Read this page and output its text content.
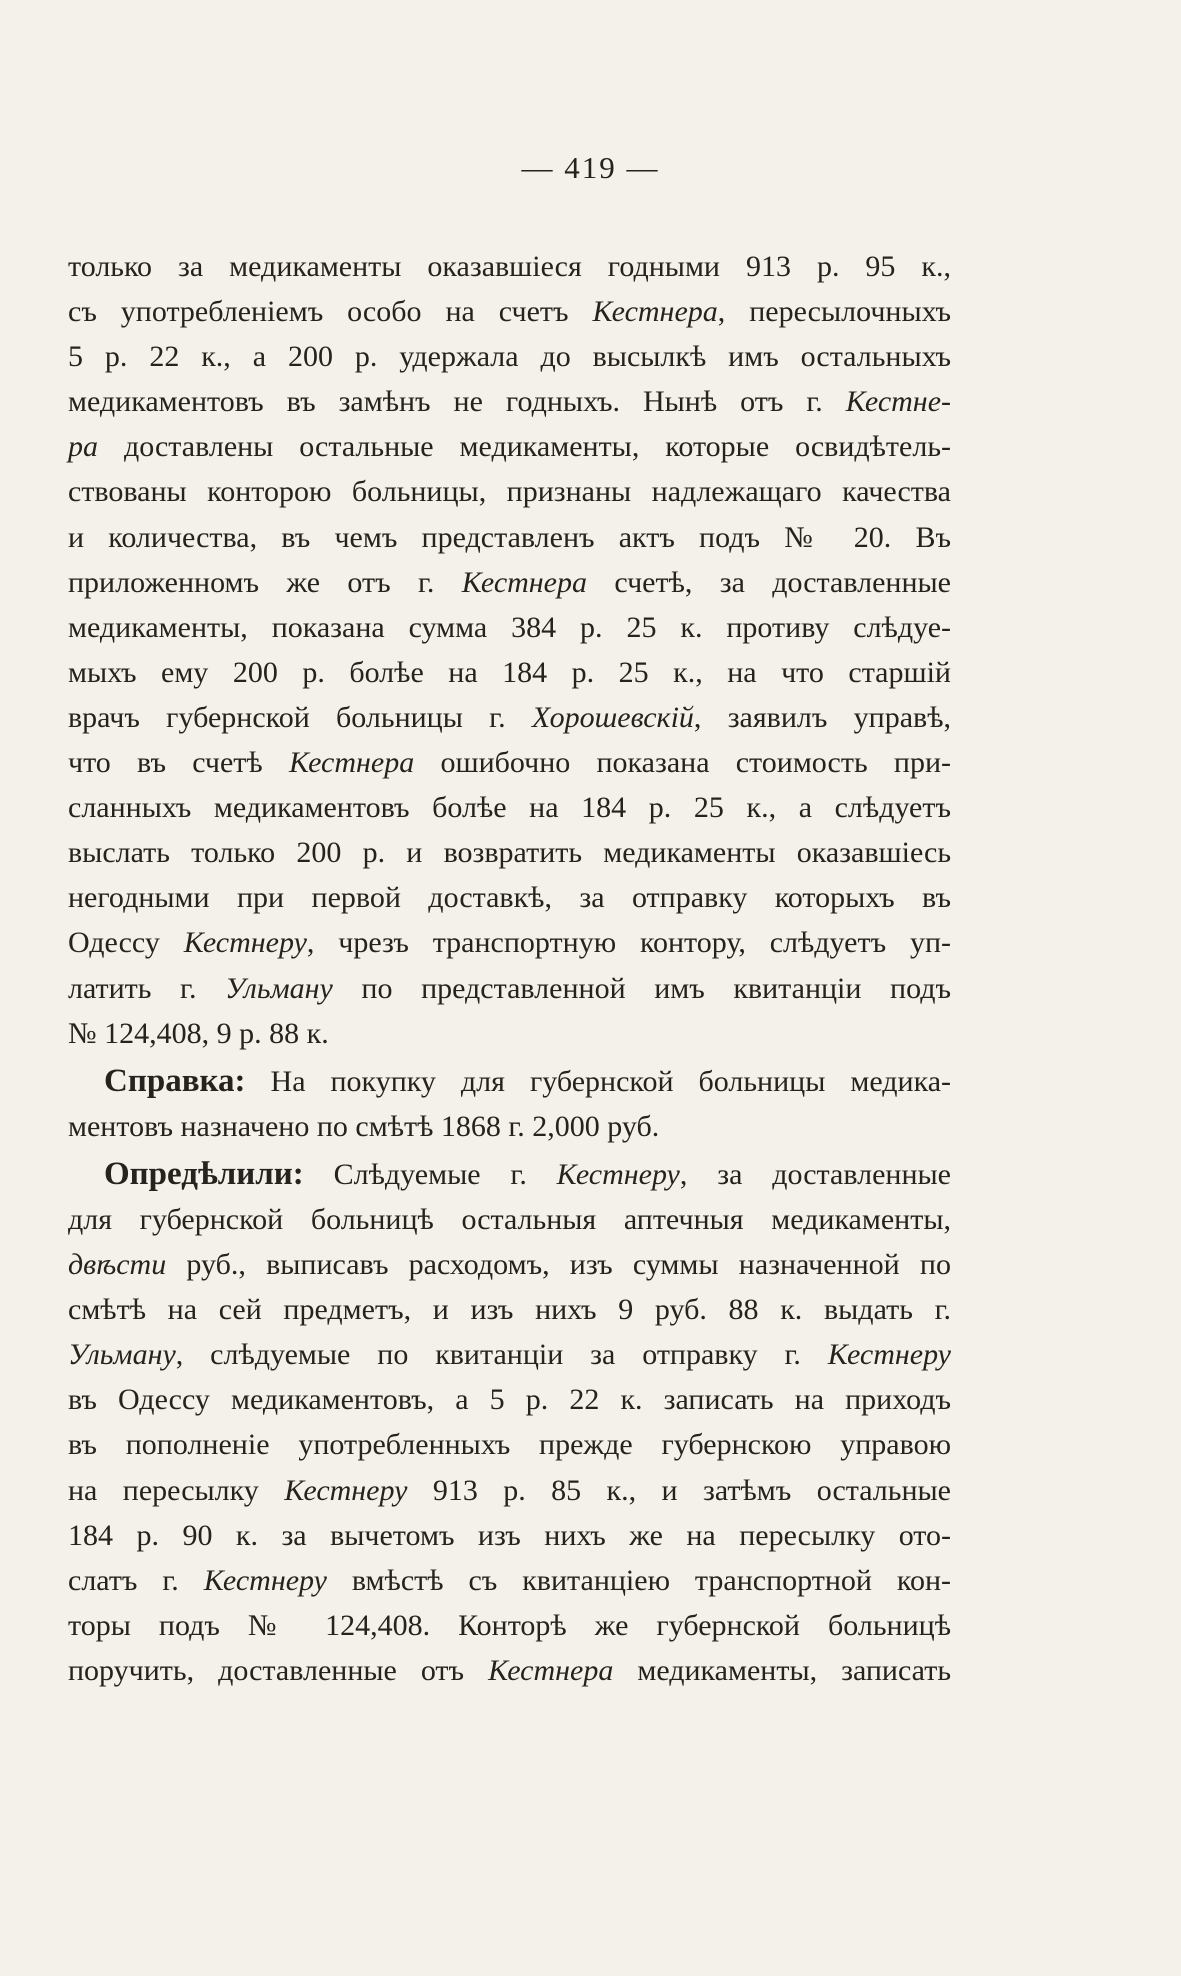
— 419 —
только за медикаменты оказавшіеся годными 913 р. 95 к.,
съ употребленіемъ особо на счетъ Кестнера, пересылочныхъ
5 р. 22 к., а 200 р. удержала до высылкѣ имъ остальныхъ
медикаментовъ въ замѣнъ не годныхъ. Нынѣ отъ г. Кестне-
ра доставлены остальные медикаменты, которые освидѣтель-
ствованы конторою больницы, признаны надлежащаго качества
и количества, въ чемъ представленъ актъ подъ № 20. Въ
приложенномъ же отъ г. Кестнера счетѣ, за доставленные
медикаменты, показана сумма 384 р. 25 к. противу слѣдуе-
мыхъ ему 200 р. болѣе на 184 р. 25 к., на что старшій
врачъ губернской больницы г. Хорошевскій, заявилъ управѣ,
что въ счетѣ Кестнера ошибочно показана стоимость при-
сланныхъ медикаментовъ болѣе на 184 р. 25 к., а слѣдуетъ
выслать только 200 р. и возвратить медикаменты оказавшіесь
негодными при первой доставкѣ, за отправку которыхъ въ
Одессу Кестнеру, чрезъ транспортную контору, слѣдуетъ уп-
латить г. Ульману по представленной имъ квитанціи подъ
№ 124,408, 9 р. 88 к.
Справка: На покупку для губернской больницы медика-
ментовъ назначено по смѣтѣ 1868 г. 2,000 руб.
Опредѣлили: Слѣдуемые г. Кестнеру, за доставленные
для губернской больницѣ остальныя аптечныя медикаменты,
двѣсти руб., выписавъ расходомъ, изъ суммы назначенной по
смѣтѣ на сей предметъ, и изъ нихъ 9 руб. 88 к. выдать г.
Ульману, слѣдуемые по квитанціи за отправку г. Кестнеру
въ Одессу медикаментовъ, а 5 р. 22 к. записать на приходъ
въ пополненіе употребленныхъ прежде губернскою управою
на пересылку Кестнеру 913 р. 85 к., и затѣмъ остальные
184 р. 90 к. за вычетомъ изъ нихъ же на пересылку ото-
слатъ г. Кестнеру вмѣстѣ съ квитанціею транспортной кон-
торы подъ № 124,408. Конторѣ же губернской больницѣ
поручить, доставленные отъ Кестнера медикаменты, записать
